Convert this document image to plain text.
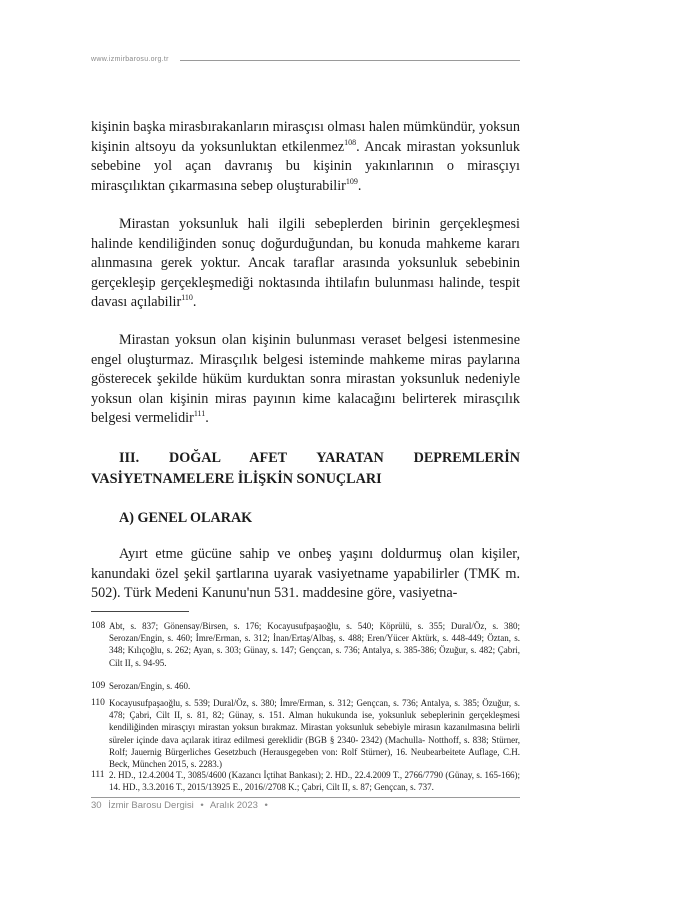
www.izmirbarosu.org.tr

kişinin başka mirasbırakanların mirasçısı olması halen mümkündür, yoksun kişinin altsoyu da yoksunluktan etkilenmez$^{108}$. Ancak mirastan yoksunluk sebebine yol açan davranış bu kişinin yakınlarının o mirasçıyı mirasçılıktan çıkarmasına sebep oluşturabilir$^{109}$.

Mirastan yoksunluk hali ilgili sebeplerden birinin gerçekleşmesi halinde kendiliğinden sonuç doğurduğundan, bu konuda mahkeme kararı alınmasına gerek yoktur. Ancak taraflar arasında yoksunluk sebebinin gerçekleşip gerçekleşmediği noktasında ihtilafın bulunması halinde, tespit davası açılabilir$^{110}$.

Mirastan yoksun olan kişinin bulunması veraset belgesi istenmesine engel oluşturmaz. Mirasçılık belgesi isteminde mahkeme miras paylarına gösterecek şekilde hüküm kurduktan sonra mirastan yoksunluk nedeniyle yoksun olan kişinin miras payının kime kalacağını belirterek mirasçılık belgesi vermelidir$^{111}$.

III. DOĞAL AFET YARATAN DEPREMLERİN VASİYETNAMELERE İLİŞKİN SONUÇLARI

A) GENEL OLARAK

Ayırt etme gücüne sahip ve onbeş yaşını doldurmuş olan kişiler, kanundaki özel şekil şartlarına uyarak vasiyetname yapabilirler (TMK m. 502). Türk Medeni Kanunu'nun 531. maddesine göre, vasiyetna-

108 Abt, s. 837; Gönensay/Birsen, s. 176; Kocayusufpaşaoğlu, s. 540; Köprülü, s. 355; Dural/Öz, s. 380; Serozan/Engin, s. 460; İmre/Erman, s. 312; İnan/Ertaş/Albaş, s. 488; Eren/Yücer Aktürk, s. 448-449; Öztan, s. 348; Kılıçoğlu, s. 262; Ayan, s. 303; Günay, s. 147; Gençcan, s. 736; Antalya, s. 385-386; Özuğur, s. 482; Çabri, Cilt II, s. 94-95.
109 Serozan/Engin, s. 460.
110 Kocayusufpaşaoğlu, s. 539; Dural/Öz, s. 380; İmre/Erman, s. 312; Gençcan, s. 736; Antalya, s. 385; Özuğur, s. 478; Çabri, Cilt II, s. 81, 82; Günay, s. 151. Alman hukukunda ise, yoksunluk sebeplerinin gerçekleşmesi kendiliğinden mirasçıyı mirastan yoksun bırakmaz. Mirastan yoksunluk sebebiyle mirasın kazanılmasına belirli süreler içinde dava açılarak itiraz edilmesi gereklidir (BGB § 2340- 2342) (Machulla- Notthoff, s. 838; Stürner, Rolf; Jauernig Bürgerliches Gesetzbuch (Herausgegeben von: Rolf Stürner), 16. Neubearbeitete Auflage, C.H. Beck, München 2015, s. 2283.)
111 2. HD., 12.4.2004 T., 3085/4600 (Kazancı İçtihat Bankası); 2. HD., 22.4.2009 T., 2766/7790 (Günay, s. 165-166); 14. HD., 3.3.2016 T., 2015/13925 E., 2016//2708 K.; Çabri, Cilt II, s. 87; Gençcan, s. 737.
30 İzmir Barosu Dergisi • Aralık 2023 •
